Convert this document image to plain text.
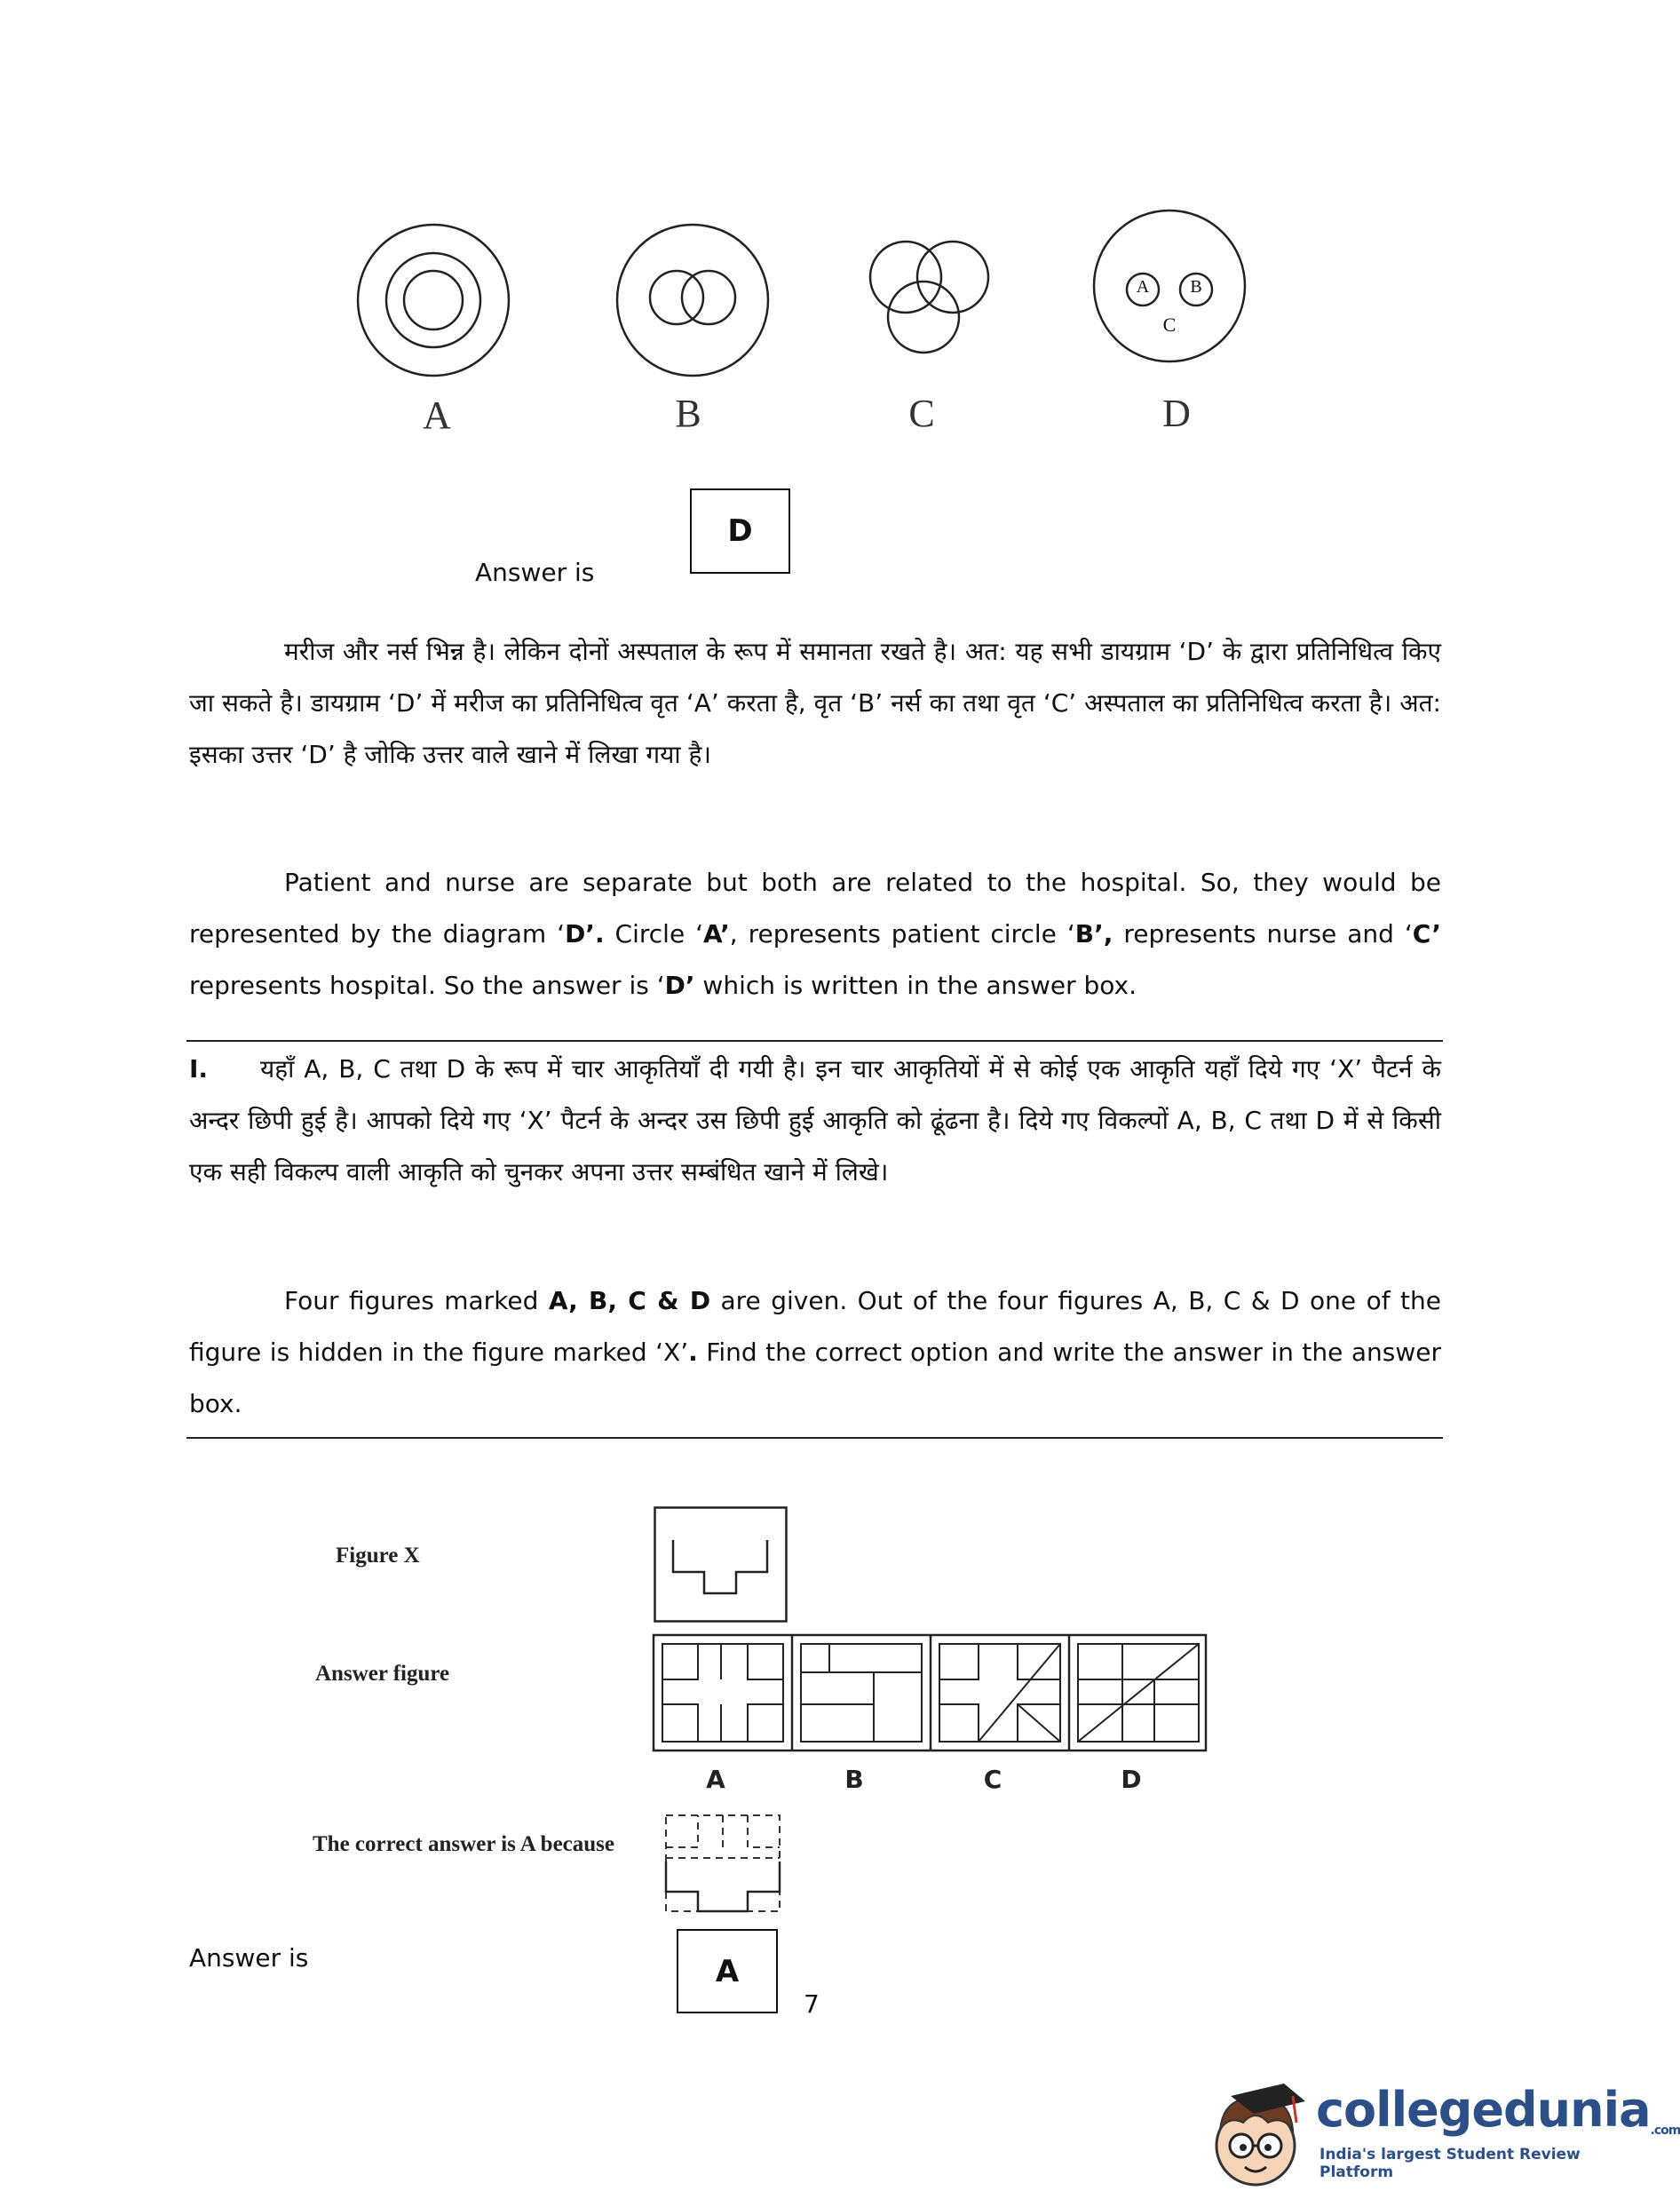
A B
C
A	B	C	D
Answer is
D
मरीज और नर्स भिन्न है। लेकिन दोनों अस्पताल के रूप में समानता रखते है। अत: यह सभी डायग्राम ‘D’ के द्वारा प्रतिनिधित्व किए जा सकते है। डायग्राम ‘D’ में मरीज का प्रतिनिधित्व वृत ‘A’ करता है, वृत ‘B’ नर्स का तथा वृत ‘C’ अस्पताल का प्रतिनिधित्व करता है। अत: इसका उत्तर ‘D’ है जोकि उत्तर वाले खाने में लिखा गया है।
Patient and nurse are separate but both are related to the hospital. So, they would be represented by the diagram ‘D’. Circle ‘A’, represents patient circle ‘B’, represents nurse and ‘C’ represents hospital. So the answer is ‘D’ which is written in the answer box.
I. यहाँ A, B, C तथा D के रूप में चार आकृतियाँ दी गयी है। इन चार आकृतियों में से कोई एक आकृति यहाँ दिये गए ‘X’ पैटर्न के अन्दर छिपी हुई है। आपको दिये गए ‘X’ पैटर्न के अन्दर उस छिपी हुई आकृति को ढूंढना है। दिये गए विकल्पों A, B, C तथा D में से किसी एक सही विकल्प वाली आकृति को चुनकर अपना उत्तर सम्बंधित खाने में लिखे।
Four figures marked A, B, C & D are given. Out of the four figures A, B, C & D one of the figure is hidden in the figure marked ‘X’. Find the correct option and write the answer in the answer box.
Figure X
Answer figure
A	B	C	D
The correct answer is A because
Answer is	A
7
collegedunia.com
India's largest Student Review Platform
